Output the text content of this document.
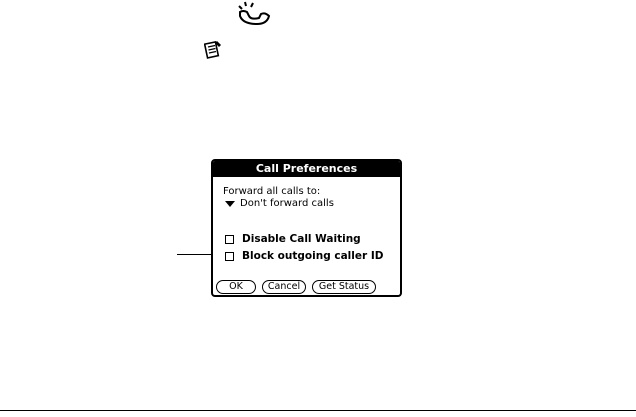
Call Preferences
Forward all calls to:
Don't forward calls
Disable Call Waiting
Block outgoing caller ID
OK	Cancel	Get Status
